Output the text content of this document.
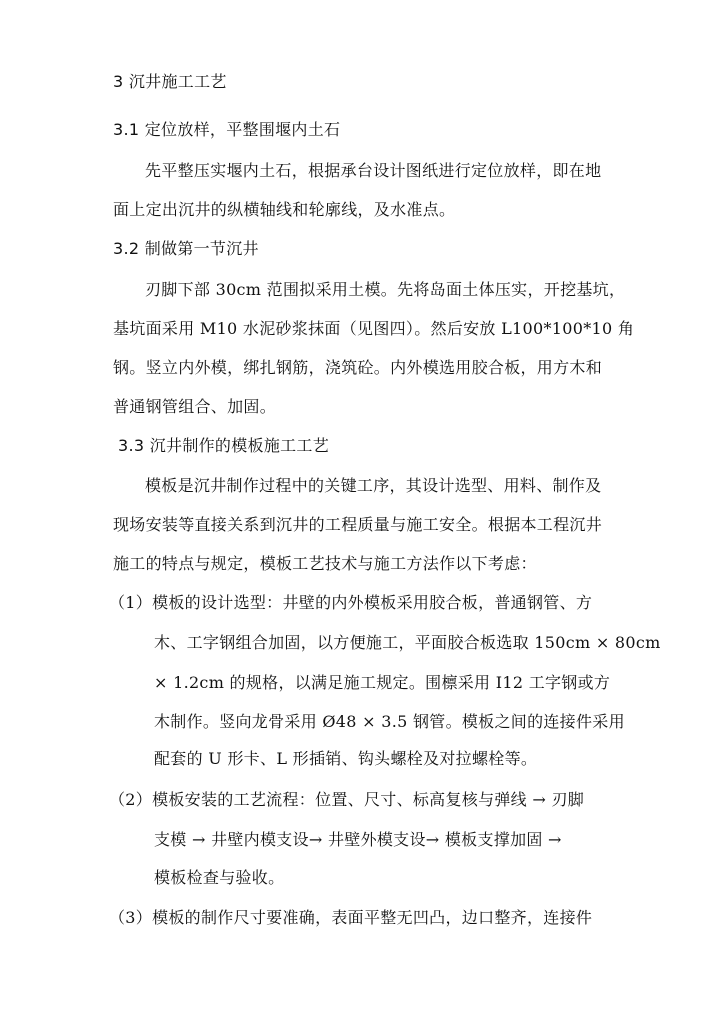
3 沉井施工工艺
3.1 定位放样，平整围堰内土石
先平整压实堰内土石，根据承台设计图纸进行定位放样，即在地
面上定出沉井的纵横轴线和轮廓线，及水准点。
3.2 制做第一节沉井
刃脚下部 30cm 范围拟采用土模。先将岛面土体压实，开挖基坑，
基坑面采用 M10 水泥砂浆抹面（见图四）。然后安放 L100*100*10 角
钢。竖立内外模，绑扎钢筋，浇筑砼。内外模选用胶合板，用方木和
普通钢管组合、加固。
3.3 沉井制作的模板施工工艺
模板是沉井制作过程中的关键工序，其设计选型、用料、制作及
现场安装等直接关系到沉井的工程质量与施工安全。根据本工程沉井
施工的特点与规定，模板工艺技术与施工方法作以下考虑：
（1）模板的设计选型：井壁的内外模板采用胶合板，普通钢管、方
木、工字钢组合加固，以方便施工，平面胶合板选取 150cm × 80cm
× 1.2cm 的规格，以满足施工规定。围檩采用 I12 工字钢或方
木制作。竖向龙骨采用 Ø48 × 3.5 钢管。模板之间的连接件采用
配套的 U 形卡、L 形插销、钩头螺栓及对拉螺栓等。
（2）模板安装的工艺流程：位置、尺寸、标高复核与弹线 → 刃脚
支模 → 井壁内模支设→ 井壁外模支设→ 模板支撑加固 →
模板检查与验收。
（3）模板的制作尺寸要准确，表面平整无凹凸，边口整齐，连接件
